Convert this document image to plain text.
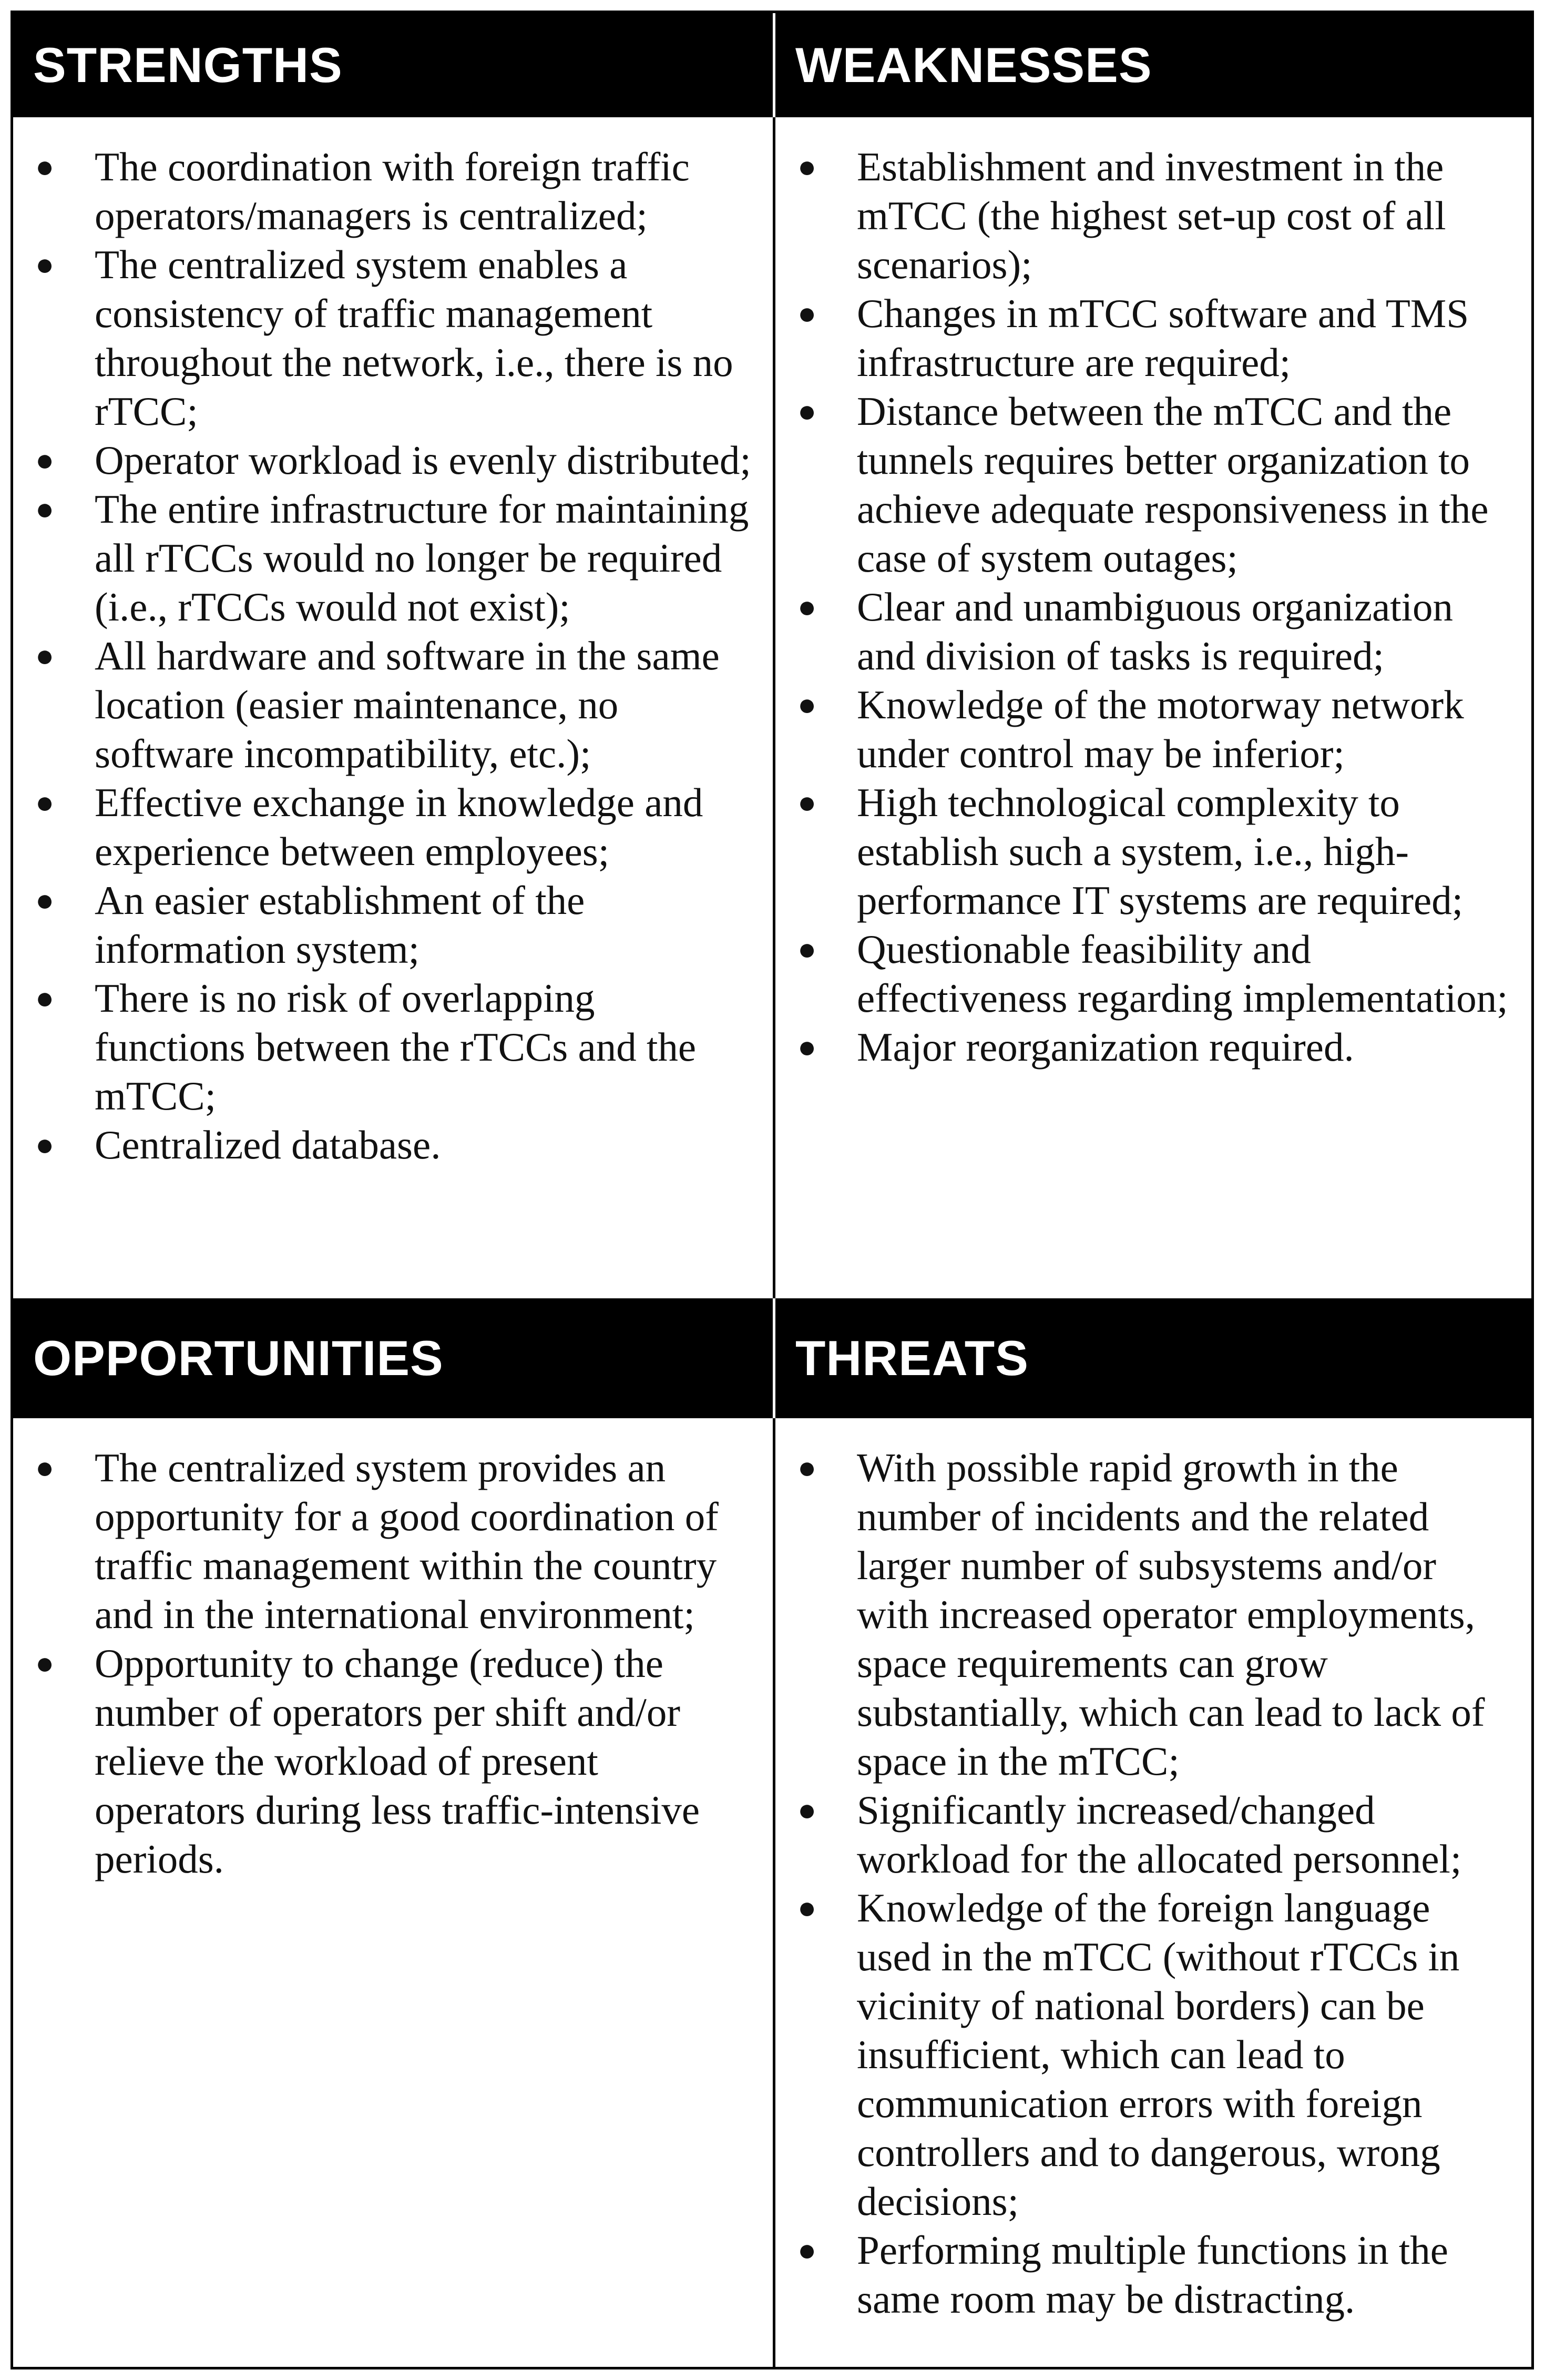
STRENGTHS	WEAKNESSES
● The coordination with foreign traffic operators/managers is centralized;
● The centralized system enables a consistency of traffic management throughout the network, i.e., there is no rTCC;
● Operator workload is evenly distributed;
● The entire infrastructure for maintaining all rTCCs would no longer be required (i.e., rTCCs would not exist);
● All hardware and software in the same location (easier maintenance, no software incompatibility, etc.);
● Effective exchange in knowledge and experience between employees;
● An easier establishment of the information system;
● There is no risk of overlapping functions between the rTCCs and the mTCC;
● Centralized database.
● Establishment and investment in the mTCC (the highest set-up cost of all scenarios);
● Changes in mTCC software and TMS infrastructure are required;
● Distance between the mTCC and the tunnels requires better organization to achieve adequate responsiveness in the case of system outages;
● Clear and unambiguous organization and division of tasks is required;
● Knowledge of the motorway network under control may be inferior;
● High technological complexity to establish such a system, i.e., high-performance IT systems are required;
● Questionable feasibility and effectiveness regarding implementation;
● Major reorganization required.
OPPORTUNITIES	THREATS
● The centralized system provides an opportunity for a good coordination of traffic management within the country and in the international environment;
● Opportunity to change (reduce) the number of operators per shift and/or relieve the workload of present operators during less traffic-intensive periods.
● With possible rapid growth in the number of incidents and the related larger number of subsystems and/or with increased operator employments, space requirements can grow substantially, which can lead to lack of space in the mTCC;
● Significantly increased/changed workload for the allocated personnel;
● Knowledge of the foreign language used in the mTCC (without rTCCs in vicinity of national borders) can be insufficient, which can lead to communication errors with foreign controllers and to dangerous, wrong decisions;
● Performing multiple functions in the same room may be distracting.
